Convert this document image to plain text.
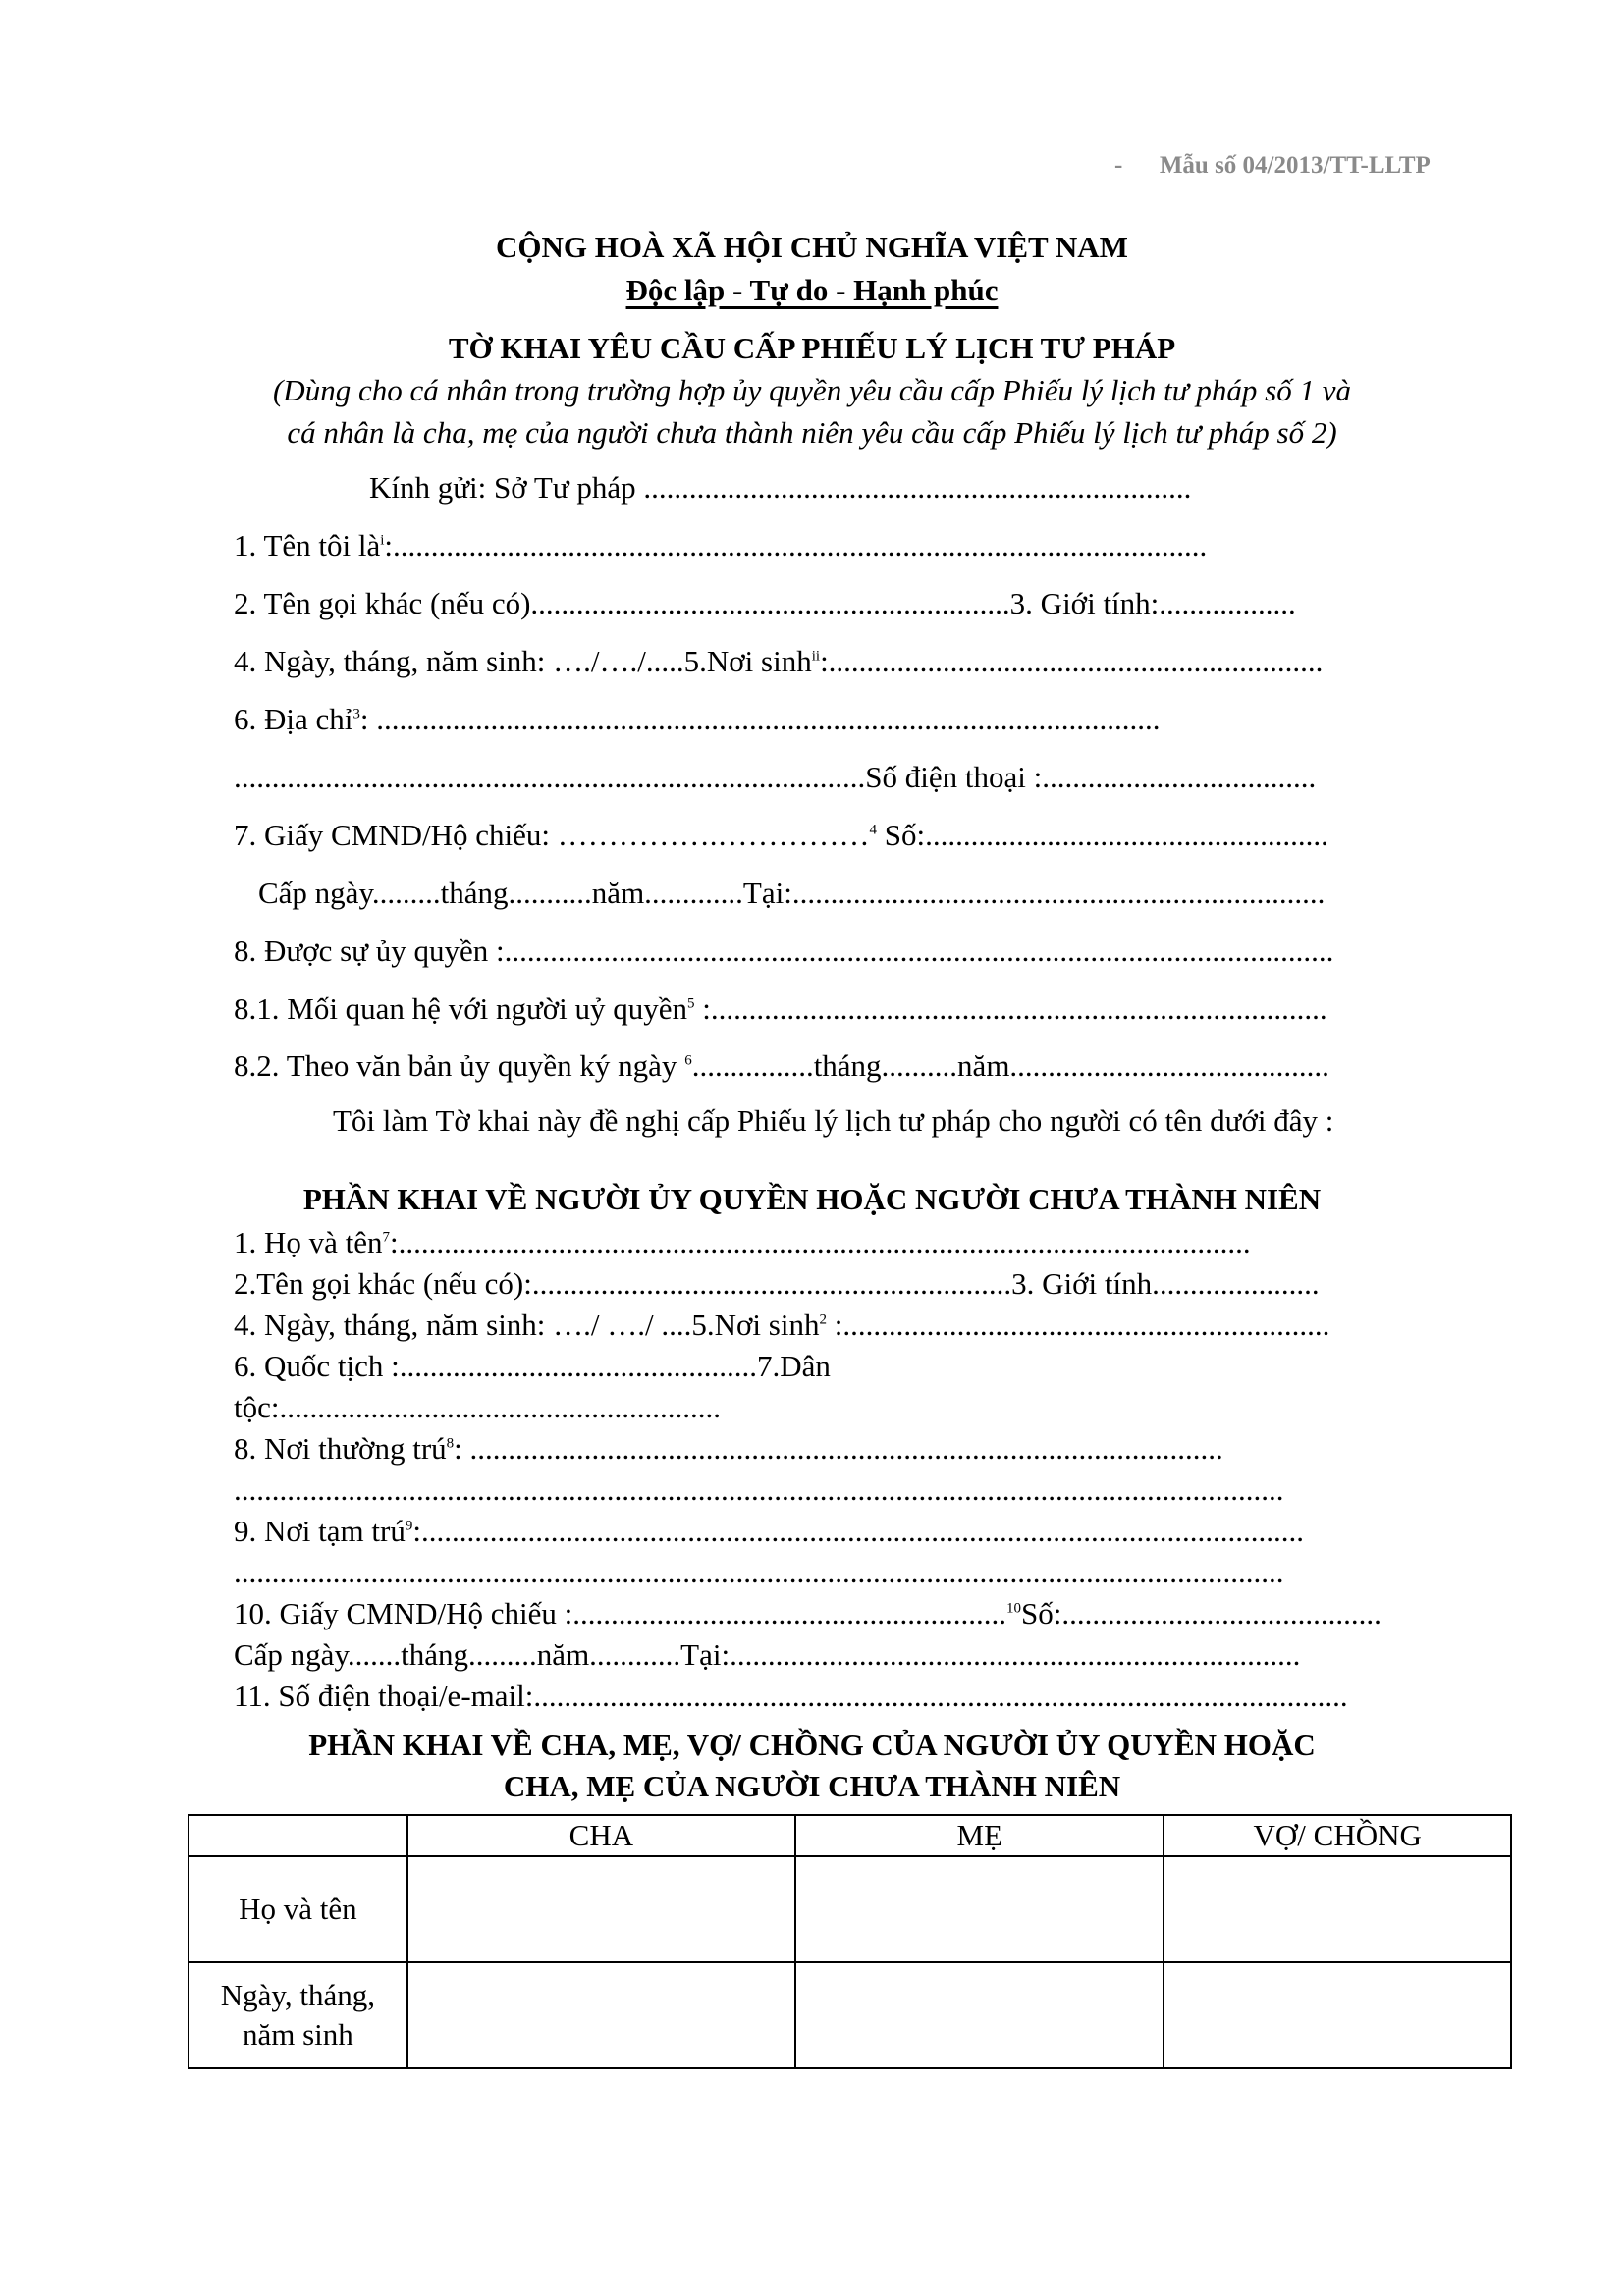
-      Mẫu số 04/2013/TT-LLTP
CỘNG HOÀ XÃ HỘI CHỦ NGHĨA VIỆT NAM
Độc lập - Tự do - Hạnh phúc
TỜ KHAI YÊU CẦU CẤP PHIẾU LÝ LỊCH TƯ PHÁP
(Dùng cho cá nhân trong trường hợp ủy quyền yêu cầu cấp Phiếu lý lịch tư pháp số 1 và
cá nhân là cha, mẹ của người chưa thành niên yêu cầu cấp Phiếu lý lịch tư pháp số 2)
Kính gửi: Sở Tư pháp ........................................................................
1. Tên tôi $là^i$:...........................................................................................................
2. Tên gọi khác (nếu có)...............................................................3. Giới tính:..................
4. Ngày, tháng, năm sinh: …./…./.....5.Nơi $\sinh^{ii}$:.................................................................
6. Địa chỉ$^3$: .......................................................................................................
...................................................................................Số điện thoại :....................................
7. Giấy CMND/Hộ chiếu: …………….……………$^4$ Số:.....................................................
Cấp ngày.........tháng...........năm.............Tại:......................................................................
8. Được sự ủy quyền :.............................................................................................................
8.1. Mối quan hệ với người uỷ quyền$^5$ :.................................................................................
8.2. Theo văn bản ủy quyền ký ngày $^6$................tháng..........năm..........................................
Tôi làm Tờ khai này đề nghị cấp Phiếu lý lịch tư pháp cho người có tên dưới đây :
PHẦN KHAI VỀ NGƯỜI ỦY QUYỀN HOẶC NGƯỜI CHƯA THÀNH NIÊN
1. Họ và tên$^7$:................................................................................................................
2.Tên gọi khác (nếu có):...............................................................3. Giới tính......................
4. Ngày, tháng, năm sinh: …./ …./ ....5.Nơi $\sinh^2$ :................................................................
6. Quốc tịch :...............................................7.Dân
tộc:..........................................................
8. Nơi thường trú$^8$: ...................................................................................................
..........................................................................................................................................
9. Nơi tạm trú$^9$:....................................................................................................................
..........................................................................................................................................
10. Giấy CMND/Hộ chiếu :.........................................................$^{10}$Số:..........................................
Cấp ngày.......tháng.........năm............Tại:...........................................................................
11. Số điện thoại/e-mail:...........................................................................................................
PHẦN KHAI VỀ CHA, MẸ, VỢ/ CHỒNG CỦA NGƯỜI ỦY QUYỀN HOẶC
CHA, MẸ CỦA NGƯỜI CHƯA THÀNH NIÊN
	CHA	MẸ	VỢ/ CHỒNG
Họ và tên			

Ngày, tháng,
năm sinh			
